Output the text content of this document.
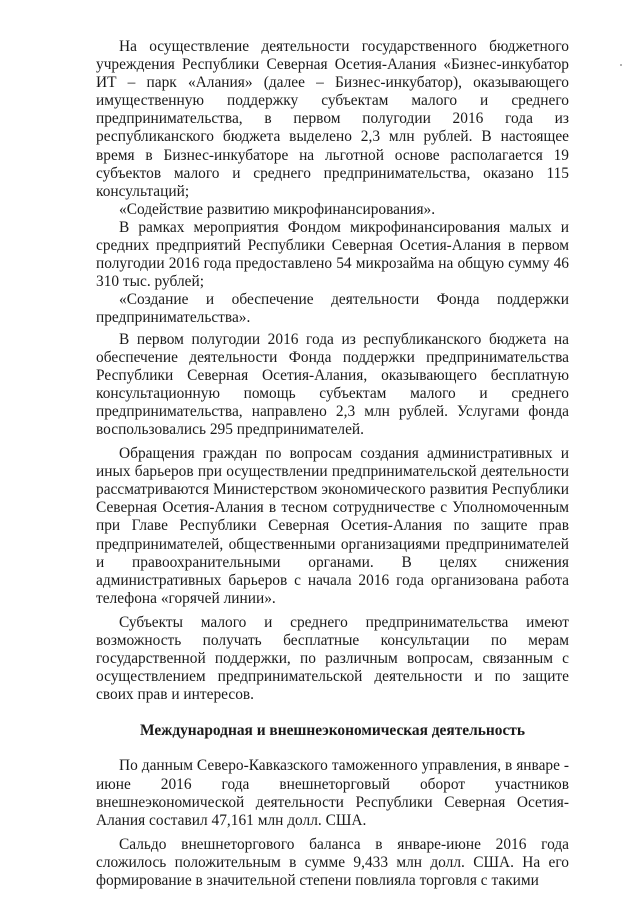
На осуществление деятельности государственного бюджетного учреждения Республики Северная Осетия-Алания «Бизнес-инкубатор ИТ – парк «Алания» (далее – Бизнес-инкубатор), оказывающего имущественную поддержку субъектам малого и среднего предпринимательства, в первом полугодии 2016 года из республиканского бюджета выделено 2,3 млн рублей. В настоящее время в Бизнес-инкубаторе на льготной основе располагается 19 субъектов малого и среднего предпринимательства, оказано 115 консультаций;

«Содействие развитию микрофинансирования».

В рамках мероприятия Фондом микрофинансирования малых и средних предприятий Республики Северная Осетия-Алания в первом полугодии 2016 года предоставлено 54 микрозайма на общую сумму 46 310 тыс. рублей;

«Создание и обеспечение деятельности Фонда поддержки предпринимательства».

В первом полугодии 2016 года из республиканского бюджета на обеспечение деятельности Фонда поддержки предпринимательства Республики Северная Осетия-Алания, оказывающего бесплатную консультационную помощь субъектам малого и среднего предпринимательства, направлено 2,3 млн рублей. Услугами фонда воспользовались 295 предпринимателей.

Обращения граждан по вопросам создания административных и иных барьеров при осуществлении предпринимательской деятельности рассматриваются Министерством экономического развития Республики Северная Осетия-Алания в тесном сотрудничестве с Уполномоченным при Главе Республики Северная Осетия-Алания по защите прав предпринимателей, общественными организациями предпринимателей и правоохранительными органами. В целях снижения административных барьеров с начала 2016 года организована работа телефона «горячей линии».

Субъекты малого и среднего предпринимательства имеют возможность получать бесплатные консультации по мерам государственной поддержки, по различным вопросам, связанным с осуществлением предпринимательской деятельности и по защите своих прав и интересов.

Международная и внешнеэкономическая деятельность

По данным Северо-Кавказского таможенного управления, в январе - июне 2016 года внешнеторговый оборот участников внешнеэкономической деятельности Республики Северная Осетия-Алания составил 47,161 млн долл. США.

Сальдо внешнеторгового баланса в январе-июне 2016 года сложилось положительным в сумме 9,433 млн долл. США. На его формирование в значительной степени повлияла торговля с такими
